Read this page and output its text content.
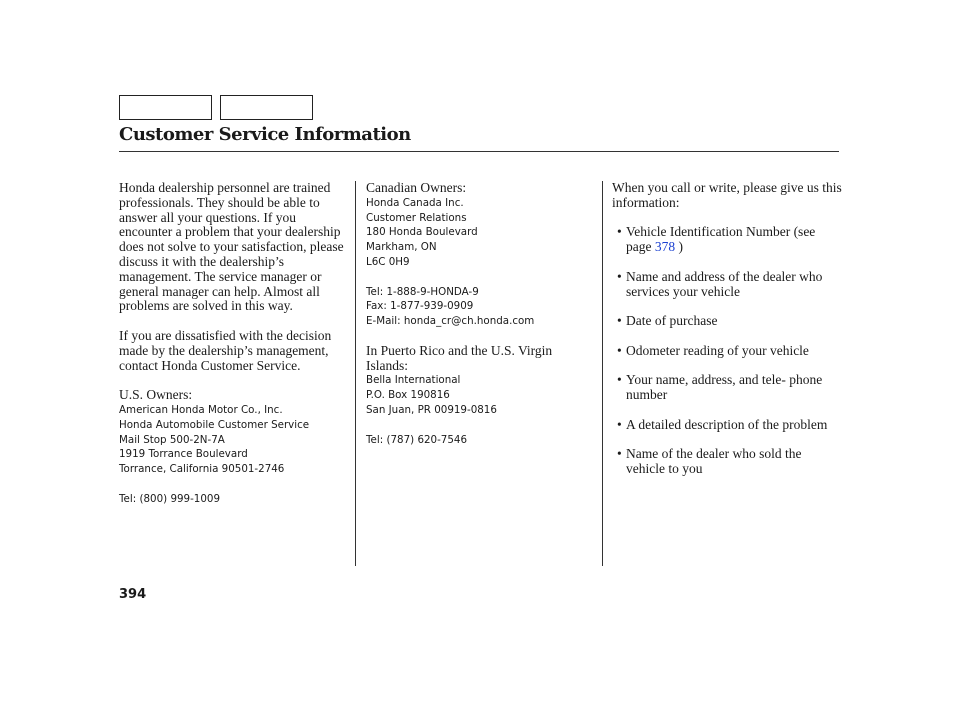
Customer Service Information

Honda dealership personnel are trained professionals. They should be able to answer all your questions. If you encounter a problem that your dealership does not solve to your satisfaction, please discuss it with the dealership’s management. The service manager or general manager can help. Almost all problems are solved in this way.

If you are dissatisfied with the decision made by the dealership’s management, contact Honda Customer Service.

U.S. Owners:

American Honda Motor Co., Inc.

Honda Automobile Customer Service

Mail Stop 500-2N-7A

1919 Torrance Boulevard

Torrance, California 90501-2746

Tel: (800) 999-1009

Canadian Owners:

Honda Canada Inc.

Customer Relations

180 Honda Boulevard

Markham, ON

L6C 0H9

Tel: 1-888-9-HONDA-9

Fax: 1-877-939-0909

E-Mail: honda_cr@ch.honda.com

In Puerto Rico and the U.S. Virgin Islands:

Bella International

P.O. Box 190816

San Juan, PR 00919-0816

Tel: (787) 620-7546

When you call or write, please give us this information:

• Vehicle Identification Number (see page 378 )
• Name and address of the dealer who services your vehicle
• Date of purchase
• Odometer reading of your vehicle
• Your name, address, and tele- phone number
• A detailed description of the problem
• Name of the dealer who sold the vehicle to you
394
